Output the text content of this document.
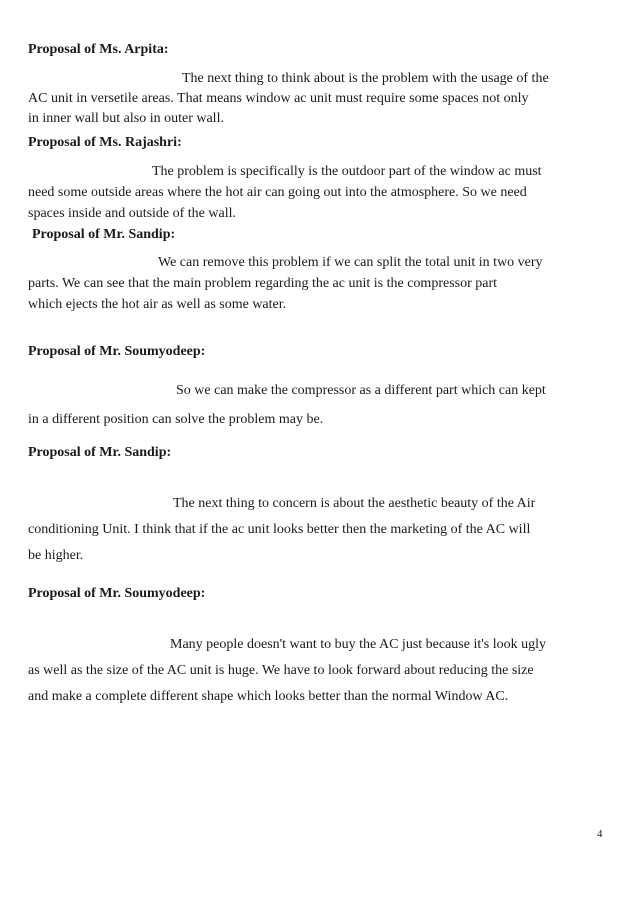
Proposal of Ms. Arpita:
The next thing to think about is the problem with the usage of the
AC unit in versetile areas. That means window ac unit must require some spaces not only
in inner wall but also in outer wall.
Proposal of Ms. Rajashri:
The problem is specifically is the outdoor part of the window ac must
need some outside areas where the hot air can going out into the atmosphere. So we need
spaces inside and outside of the wall.
Proposal of Mr. Sandip:
We can remove this problem if we can split the total unit in two very
parts. We can see that the main problem regarding the ac unit is the compressor part
which ejects the hot air as well as some water.
Proposal of Mr. Soumyodeep:
So we can make the compressor as a different part which can kept
in a different position can solve the problem may be.
Proposal of Mr. Sandip:
The next thing to concern is about the aesthetic beauty of the Air
conditioning Unit. I think that if the ac unit looks better then the marketing of the AC will
be higher.
Proposal of Mr. Soumyodeep:
Many people doesn't want to buy the AC just because it's look ugly
as well as the size of the AC unit is huge. We have to look forward about reducing the size
and make a complete different shape which looks better than the normal Window AC.
4
